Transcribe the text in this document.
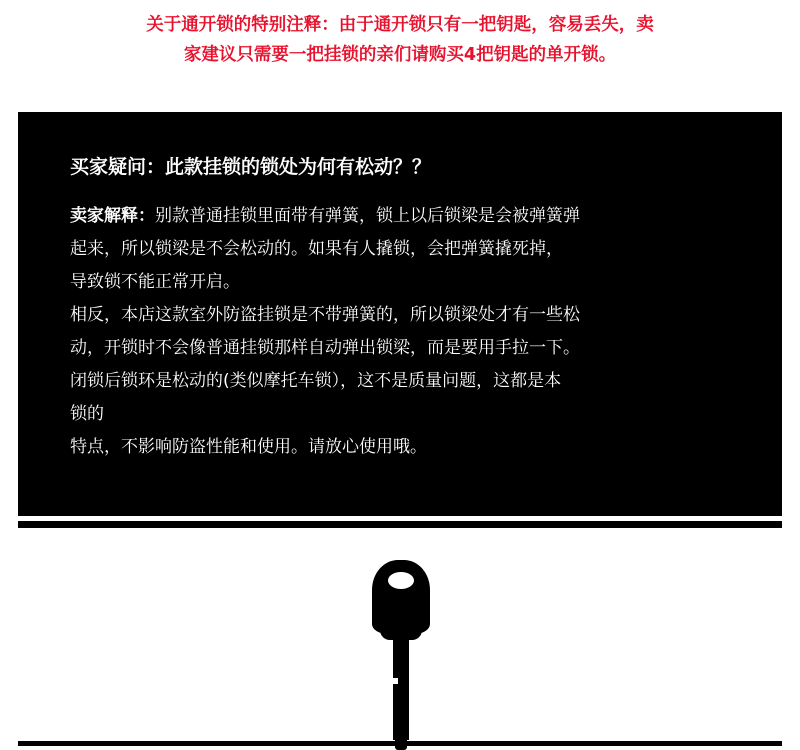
关于通开锁的特别注释：由于通开锁只有一把钥匙，容易丢失，卖
家建议只需要一把挂锁的亲们请购买4把钥匙的单开锁。
买家疑问：此款挂锁的锁处为何有松动？？
卖家解释：别款普通挂锁里面带有弹簧，锁上以后锁梁是会被弹簧弹
起来，所以锁梁是不会松动的。如果有人撬锁，会把弹簧撬死掉，
导致锁不能正常开启。
相反，本店这款室外防盗挂锁是不带弹簧的，所以锁梁处才有一些松
动，开锁时不会像普通挂锁那样自动弹出锁梁，而是要用手拉一下。
闭锁后锁环是松动的(类似摩托车锁），这不是质量问题，这都是本
锁的
特点，不影响防盗性能和使用。请放心使用哦。
